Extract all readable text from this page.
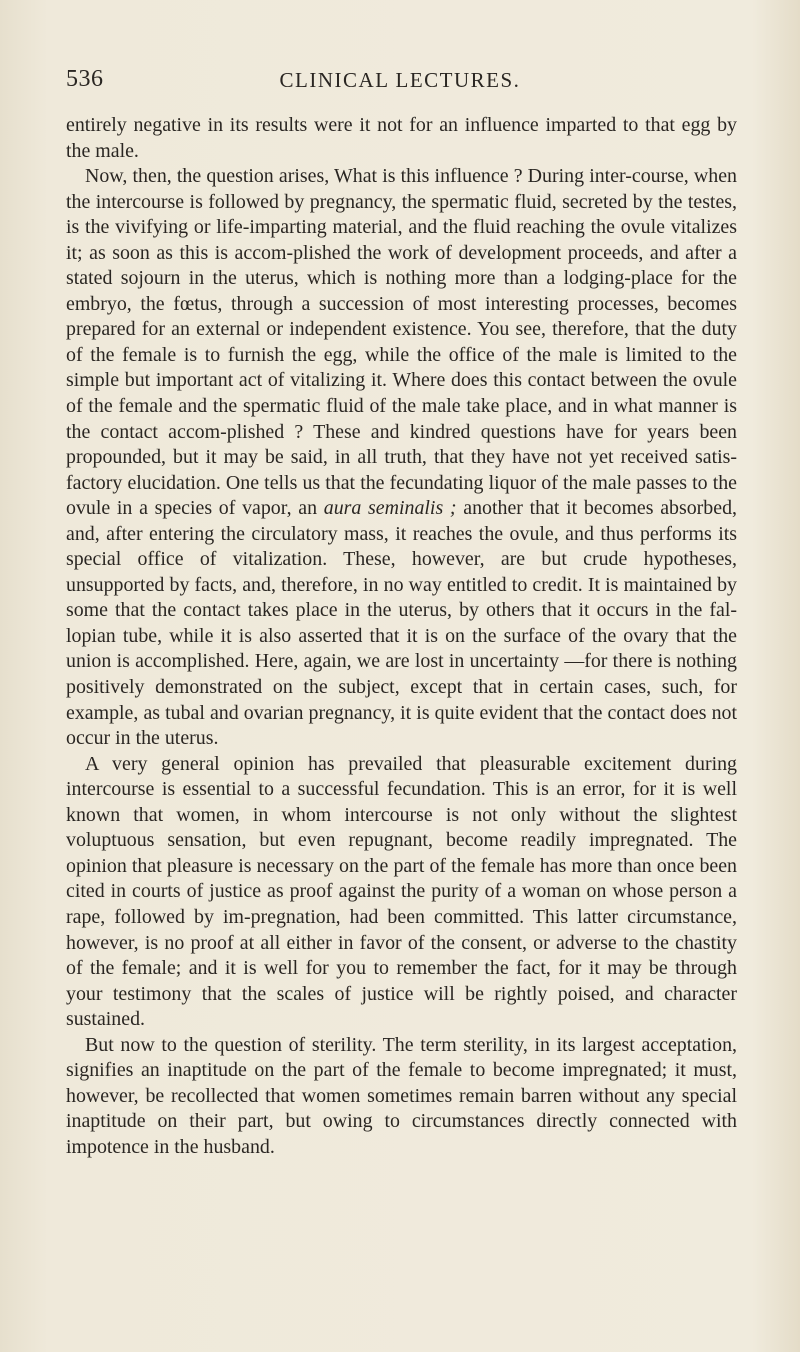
536	CLINICAL LECTURES.

entirely negative in its results were it not for an influence imparted to that egg by the male.

Now, then, the question arises, What is this influence ? During inter-course, when the intercourse is followed by pregnancy, the spermatic fluid, secreted by the testes, is the vivifying or life-imparting material, and the fluid reaching the ovule vitalizes it; as soon as this is accom-plished the work of development proceeds, and after a stated sojourn in the uterus, which is nothing more than a lodging-place for the embryo, the fœtus, through a succession of most interesting processes, becomes prepared for an external or independent existence. You see, therefore, that the duty of the female is to furnish the egg, while the office of the male is limited to the simple but important act of vitalizing it. Where does this contact between the ovule of the female and the spermatic fluid of the male take place, and in what manner is the contact accom-plished ? These and kindred questions have for years been propounded, but it may be said, in all truth, that they have not yet received satis-factory elucidation. One tells us that the fecundating liquor of the male passes to the ovule in a species of vapor, an aura seminalis ; another that it becomes absorbed, and, after entering the circulatory mass, it reaches the ovule, and thus performs its special office of vitalization. These, however, are but crude hypotheses, unsupported by facts, and, therefore, in no way entitled to credit. It is maintained by some that the contact takes place in the uterus, by others that it occurs in the fal-lopian tube, while it is also asserted that it is on the surface of the ovary that the union is accomplished. Here, again, we are lost in uncertainty —for there is nothing positively demonstrated on the subject, except that in certain cases, such, for example, as tubal and ovarian pregnancy, it is quite evident that the contact does not occur in the uterus.

A very general opinion has prevailed that pleasurable excitement during intercourse is essential to a successful fecundation. This is an error, for it is well known that women, in whom intercourse is not only without the slightest voluptuous sensation, but even repugnant, become readily impregnated. The opinion that pleasure is necessary on the part of the female has more than once been cited in courts of justice as proof against the purity of a woman on whose person a rape, followed by im-pregnation, had been committed. This latter circumstance, however, is no proof at all either in favor of the consent, or adverse to the chastity of the female; and it is well for you to remember the fact, for it may be through your testimony that the scales of justice will be rightly poised, and character sustained.

But now to the question of sterility. The term sterility, in its largest acceptation, signifies an inaptitude on the part of the female to become impregnated; it must, however, be recollected that women sometimes remain barren without any special inaptitude on their part, but owing to circumstances directly connected with impotence in the husband.
